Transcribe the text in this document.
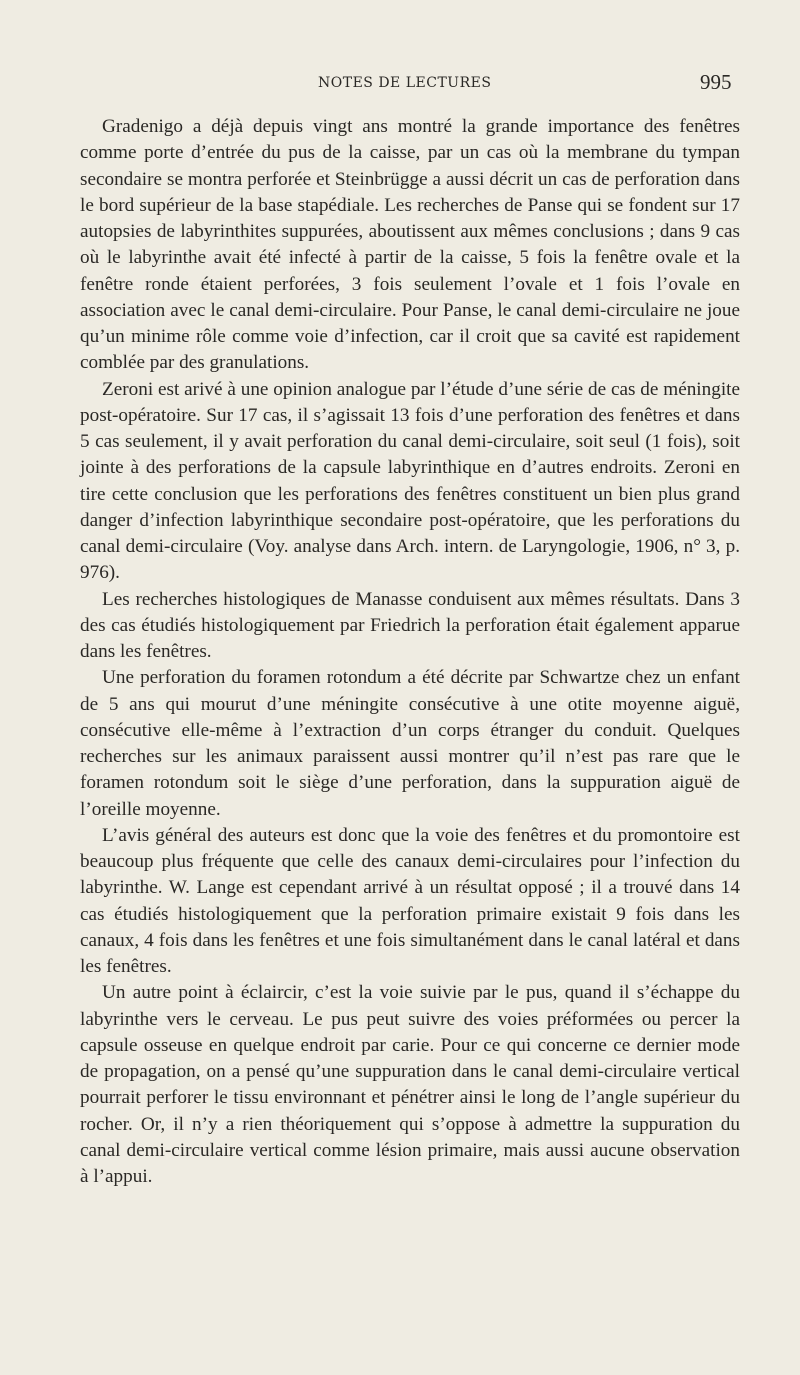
NOTES DE LECTURES	995

Gradenigo a déjà depuis vingt ans montré la grande importance des fenêtres comme porte d’entrée du pus de la caisse, par un cas où la membrane du tympan secondaire se montra perforée et Steinbrügge a aussi décrit un cas de perforation dans le bord supérieur de la base stapédiale. Les recherches de Panse qui se fondent sur 17 autopsies de labyrinthites suppurées, aboutissent aux mêmes conclusions ; dans 9 cas où le labyrinthe avait été infecté à partir de la caisse, 5 fois la fenêtre ovale et la fenêtre ronde étaient perforées, 3 fois seulement l’ovale et 1 fois l’ovale en association avec le canal demi-circulaire. Pour Panse, le canal demi-circulaire ne joue qu’un minime rôle comme voie d’infection, car il croit que sa cavité est rapidement comblée par des granulations.

Zeroni est arivé à une opinion analogue par l’étude d’une série de cas de méningite post-opératoire. Sur 17 cas, il s’agissait 13 fois d’une perforation des fenêtres et dans 5 cas seulement, il y avait perforation du canal demi-circulaire, soit seul (1 fois), soit jointe à des perforations de la capsule labyrinthique en d’autres endroits. Zeroni en tire cette conclusion que les perforations des fenêtres constituent un bien plus grand danger d’infection labyrinthique secondaire post-opératoire, que les perforations du canal demi-circulaire (Voy. analyse dans Arch. intern. de Laryngologie, 1906, n° 3, p. 976).

Les recherches histologiques de Manasse conduisent aux mêmes résultats. Dans 3 des cas étudiés histologiquement par Friedrich la perforation était également apparue dans les fenêtres.

Une perforation du foramen rotondum a été décrite par Schwartze chez un enfant de 5 ans qui mourut d’une méningite consécutive à une otite moyenne aiguë, consécutive elle-même à l’extraction d’un corps étranger du conduit. Quelques recherches sur les animaux paraissent aussi montrer qu’il n’est pas rare que le foramen rotondum soit le siège d’une perforation, dans la suppuration aiguë de l’oreille moyenne.

L’avis général des auteurs est donc que la voie des fenêtres et du promontoire est beaucoup plus fréquente que celle des canaux demi-circulaires pour l’infection du labyrinthe. W. Lange est cependant arrivé à un résultat opposé ; il a trouvé dans 14 cas étudiés histologiquement que la perforation primaire existait 9 fois dans les canaux, 4 fois dans les fenêtres et une fois simultanément dans le canal latéral et dans les fenêtres.

Un autre point à éclaircir, c’est la voie suivie par le pus, quand il s’échappe du labyrinthe vers le cerveau. Le pus peut suivre des voies préformées ou percer la capsule osseuse en quelque endroit par carie. Pour ce qui concerne ce dernier mode de propagation, on a pensé qu’une suppuration dans le canal demi-circulaire vertical pourrait perforer le tissu environnant et pénétrer ainsi le long de l’angle supérieur du rocher. Or, il n’y a rien théoriquement qui s’oppose à admettre la suppuration du canal demi-circulaire vertical comme lésion primaire, mais aussi aucune observation à l’appui.
